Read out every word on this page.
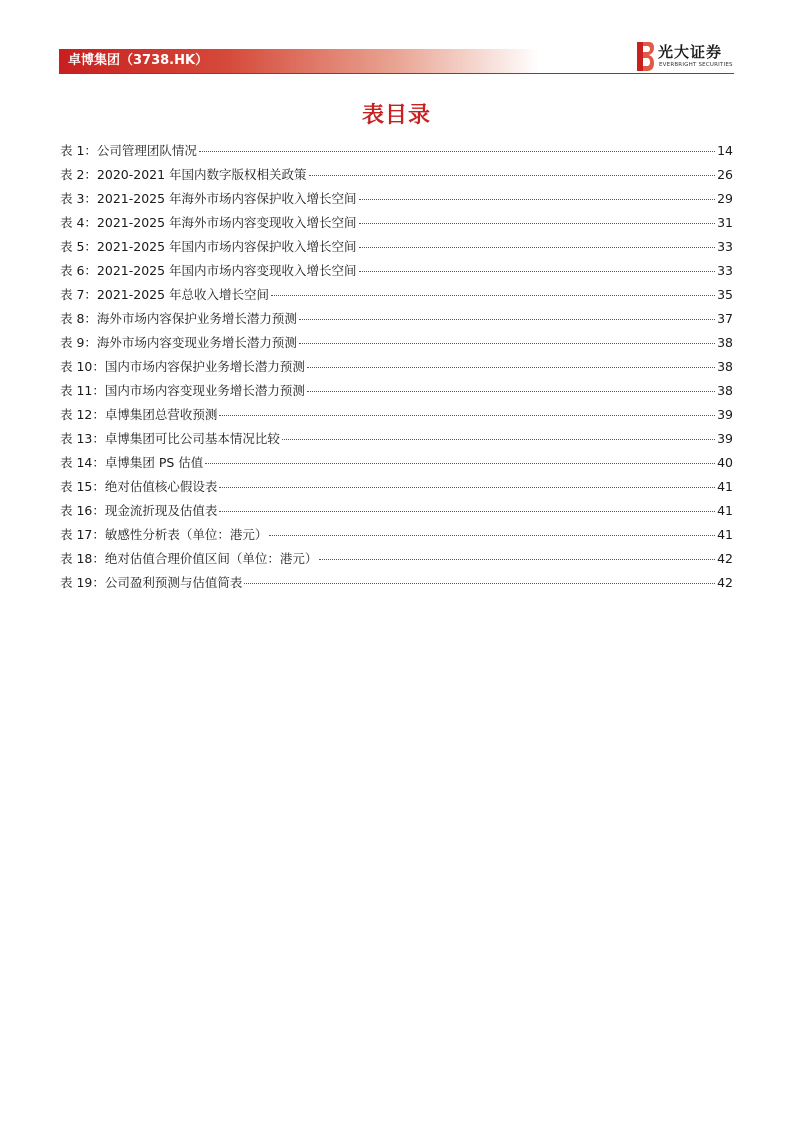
卓博集团（3738.HK）	光大证券
EVERBRIGHT SECURITIES
表目录
表 1：公司管理团队情况	14
表 2：2020-2021 年国内数字版权相关政策	26
表 3：2021-2025 年海外市场内容保护收入增长空间	29
表 4：2021-2025 年海外市场内容变现收入增长空间	31
表 5：2021-2025 年国内市场内容保护收入增长空间	33
表 6：2021-2025 年国内市场内容变现收入增长空间	33
表 7：2021-2025 年总收入增长空间	35
表 8：海外市场内容保护业务增长潜力预测	37
表 9：海外市场内容变现业务增长潜力预测	38
表 10：国内市场内容保护业务增长潜力预测	38
表 11：国内市场内容变现业务增长潜力预测	38
表 12：卓博集团总营收预测	39
表 13：卓博集团可比公司基本情况比较	39
表 14：卓博集团 PS 估值	40
表 15：绝对估值核心假设表	41
表 16：现金流折现及估值表	41
表 17：敏感性分析表（单位：港元）	41
表 18：绝对估值合理价值区间（单位：港元）	42
表 19：公司盈利预测与估值简表	42
